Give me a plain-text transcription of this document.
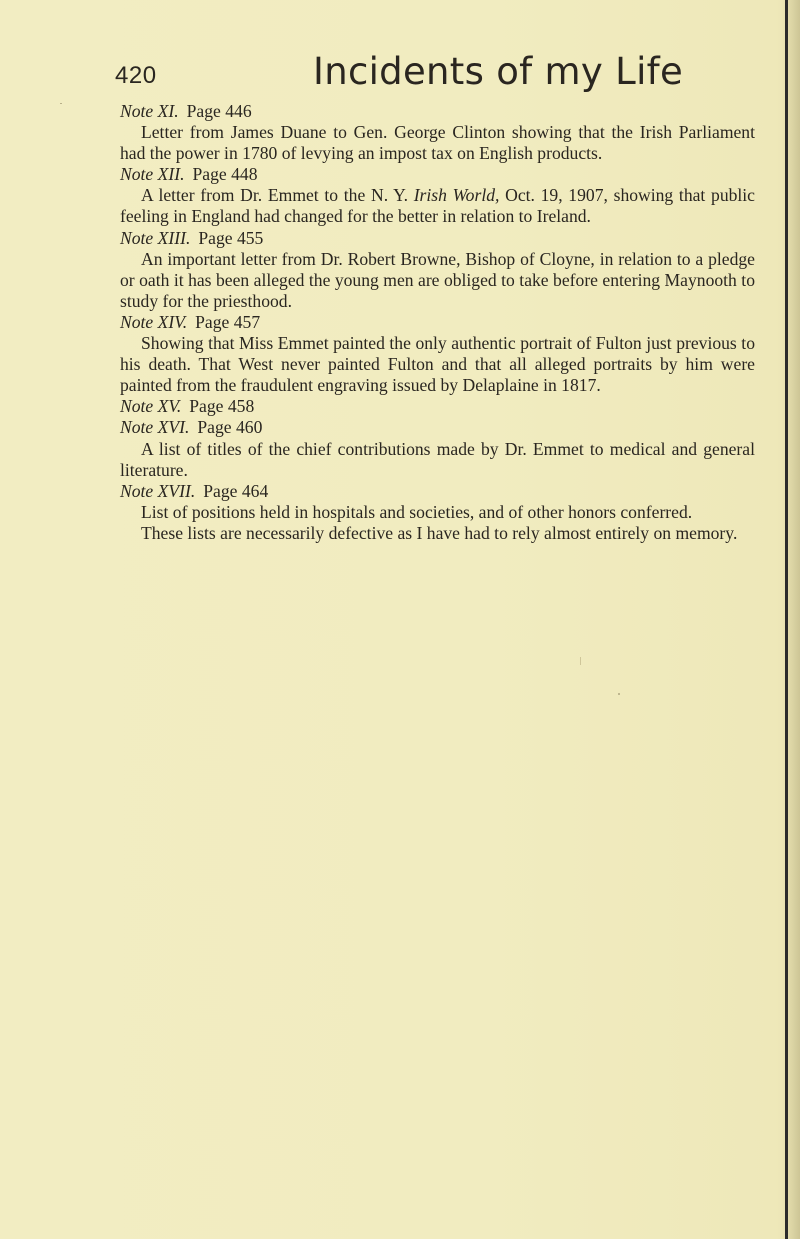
420	Incidents of my Life

Note XI. Page 446

Letter from James Duane to Gen. George Clinton showing that the Irish Parliament had the power in 1780 of levying an impost tax on English products.

Note XII. Page 448

A letter from Dr. Emmet to the N. Y. Irish World, Oct. 19, 1907, showing that public feeling in England had changed for the better in relation to Ireland.

Note XIII. Page 455

An important letter from Dr. Robert Browne, Bishop of Cloyne, in relation to a pledge or oath it has been alleged the young men are obliged to take before entering Maynooth to study for the priesthood.

Note XIV. Page 457

Showing that Miss Emmet painted the only authentic portrait of Fulton just previous to his death. That West never painted Fulton and that all alleged portraits by him were painted from the fraudulent engraving issued by Delaplaine in 1817.

Note XV. Page 458

Note XVI. Page 460

A list of titles of the chief contributions made by Dr. Emmet to medical and general literature.

Note XVII. Page 464

List of positions held in hospitals and societies, and of other honors conferred.

These lists are necessarily defective as I have had to rely almost entirely on memory.
